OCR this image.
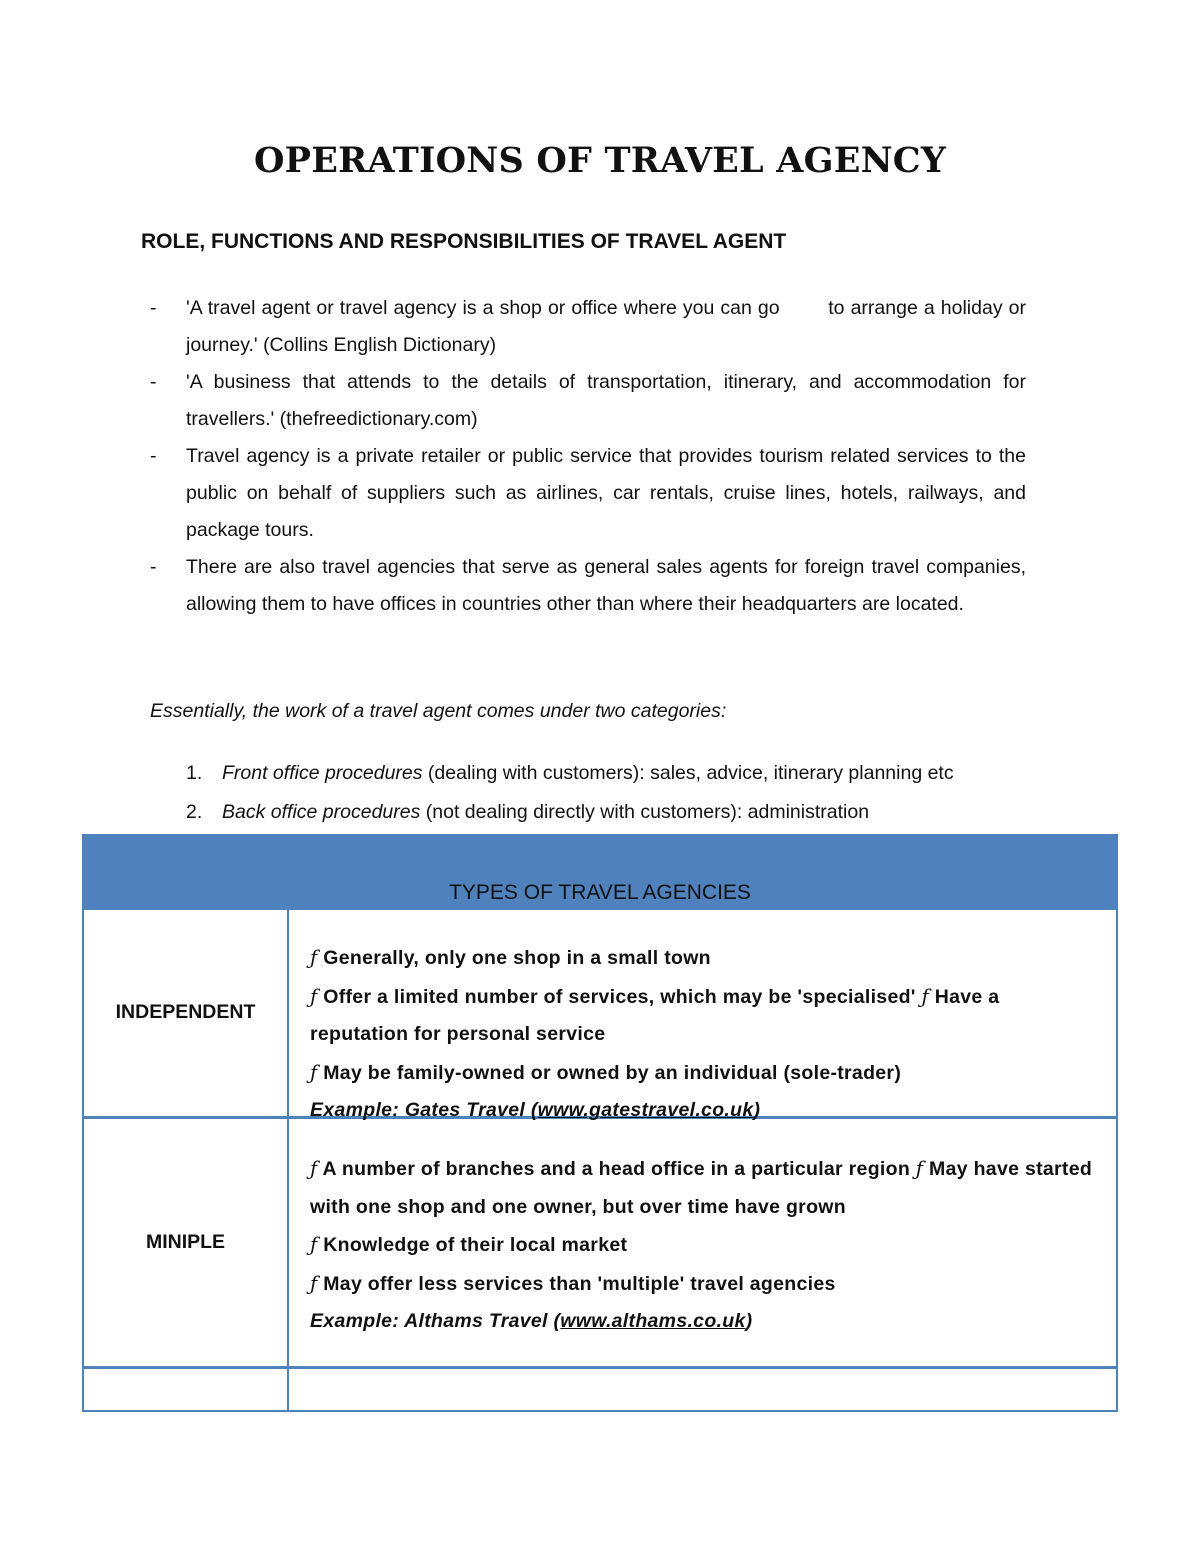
OPERATIONS OF TRAVEL AGENCY
ROLE, FUNCTIONS AND RESPONSIBILITIES OF TRAVEL AGENT
- 'A travel agent or travel agency is a shop or office where you can go        to arrange a holiday or journey.' (Collins English Dictionary)
- 'A business that attends to the details of transportation, itinerary, and accommodation for travellers.' (thefreedictionary.com)
- Travel agency is a private retailer or public service that provides tourism related services to the public on behalf of suppliers such as airlines, car rentals, cruise lines, hotels, railways, and package tours.
- There are also travel agencies that serve as general sales agents for foreign travel companies, allowing them to have offices in countries other than where their headquarters are located.

Essentially, the work of a travel agent comes under two categories:

1. Front office procedures (dealing with customers): sales, advice, itinerary planning etc
2. Back office procedures (not dealing directly with customers): administration
TYPES OF TRAVEL AGENCIES
INDEPENDENT

ƒ Generally, only one shop in a small town

ƒ Offer a limited number of services, which may be 'specialised' ƒ Have a reputation for personal service

ƒ May be family-owned or owned by an individual (sole-trader)

Example: Gates Travel (www.gatestravel.co.uk)

MINIPLE

ƒ A number of branches and a head office in a particular region ƒ May have started with one shop and one owner, but over time have grown

ƒ Knowledge of their local market

ƒ May offer less services than 'multiple' travel agencies

Example: Althams Travel (www.althams.co.uk)
